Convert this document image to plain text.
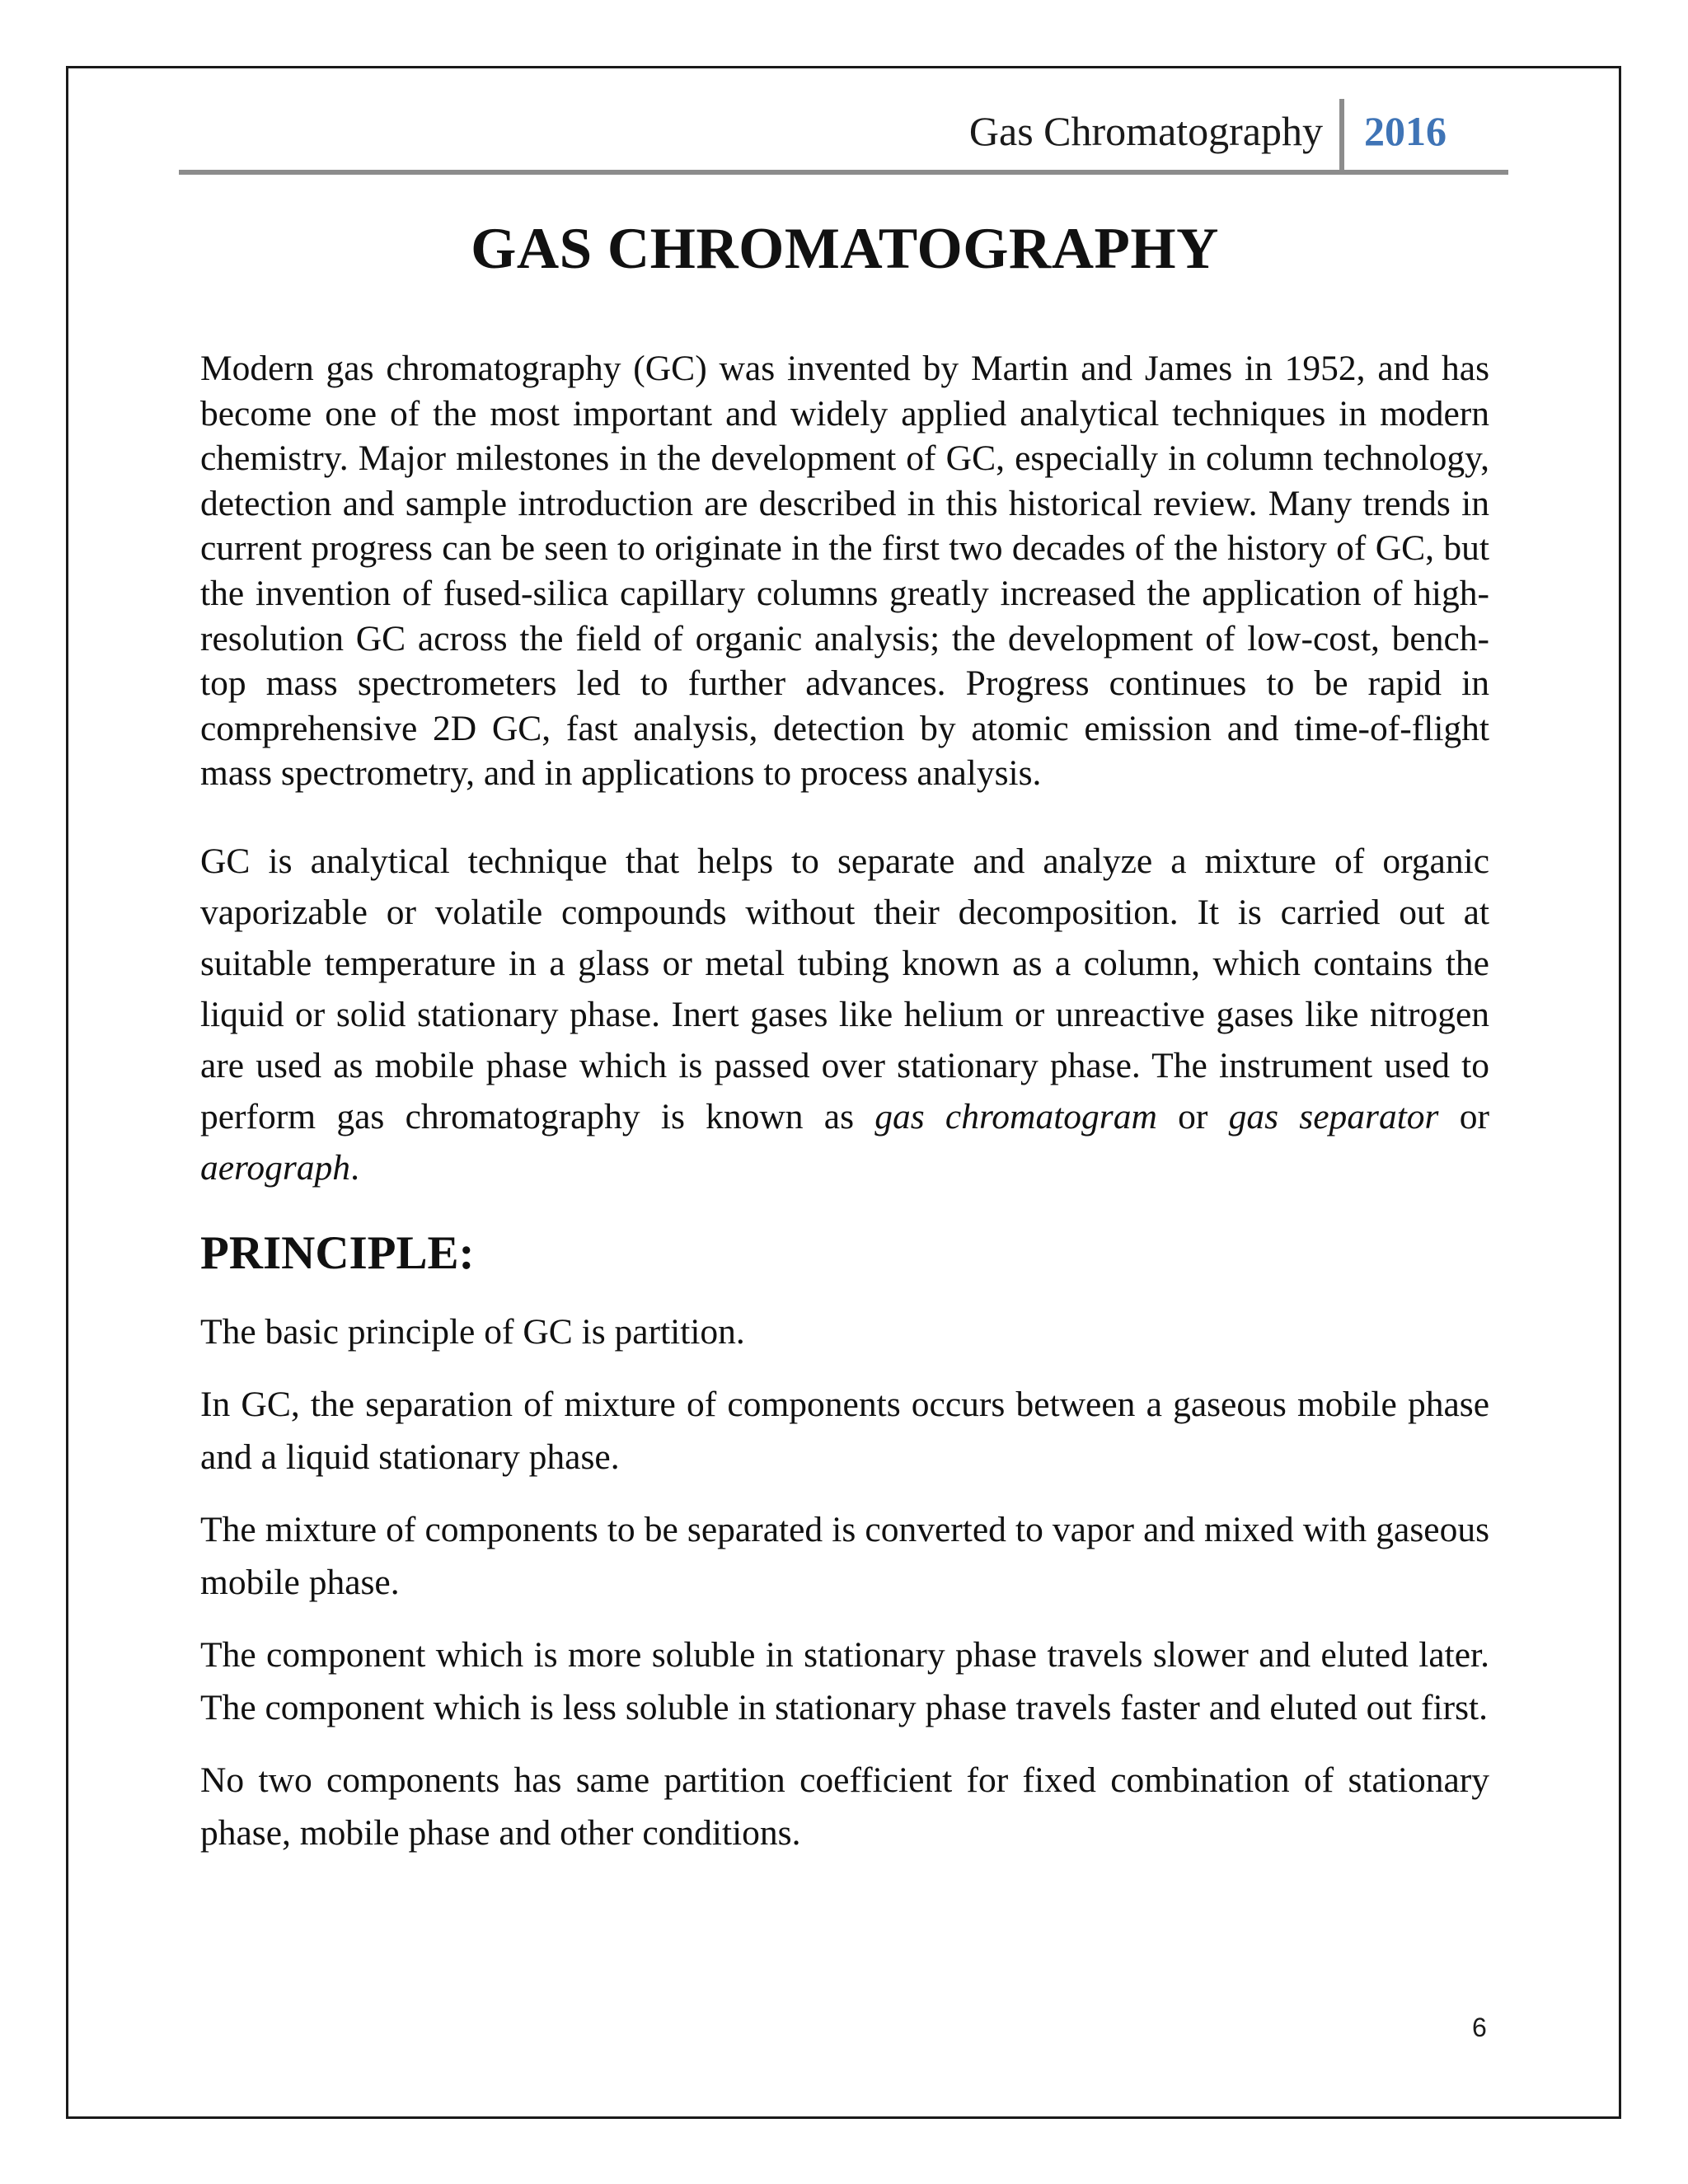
Gas Chromatography 2016
GAS CHROMATOGRAPHY

Modern gas chromatography (GC) was invented by Martin and James in 1952, and has become one of the most important and widely applied analytical techniques in modern chemistry. Major milestones in the development of GC, especially in column technology, detection and sample introduction are described in this historical review. Many trends in current progress can be seen to originate in the first two decades of the history of GC, but the invention of fused-silica capillary columns greatly increased the application of high-resolution GC across the field of organic analysis; the development of low-cost, bench-top mass spectrometers led to further advances. Progress continues to be rapid in comprehensive 2D GC, fast analysis, detection by atomic emission and time-of-flight mass spectrometry, and in applications to process analysis.

GC is analytical technique that helps to separate and analyze a mixture of organic vaporizable or volatile compounds without their decomposition. It is carried out at suitable temperature in a glass or metal tubing known as a column, which contains the liquid or solid stationary phase. Inert gases like helium or unreactive gases like nitrogen are used as mobile phase which is passed over stationary phase. The instrument used to perform gas chromatography is known as gas chromatogram or gas separator or aerograph.

PRINCIPLE:

The basic principle of GC is partition.

In GC, the separation of mixture of components occurs between a gaseous mobile phase and a liquid stationary phase.

The mixture of components to be separated is converted to vapor and mixed with gaseous mobile phase.

The component which is more soluble in stationary phase travels slower and eluted later. The component which is less soluble in stationary phase travels faster and eluted out first.

No two components has same partition coefficient for fixed combination of stationary phase, mobile phase and other conditions.

6
